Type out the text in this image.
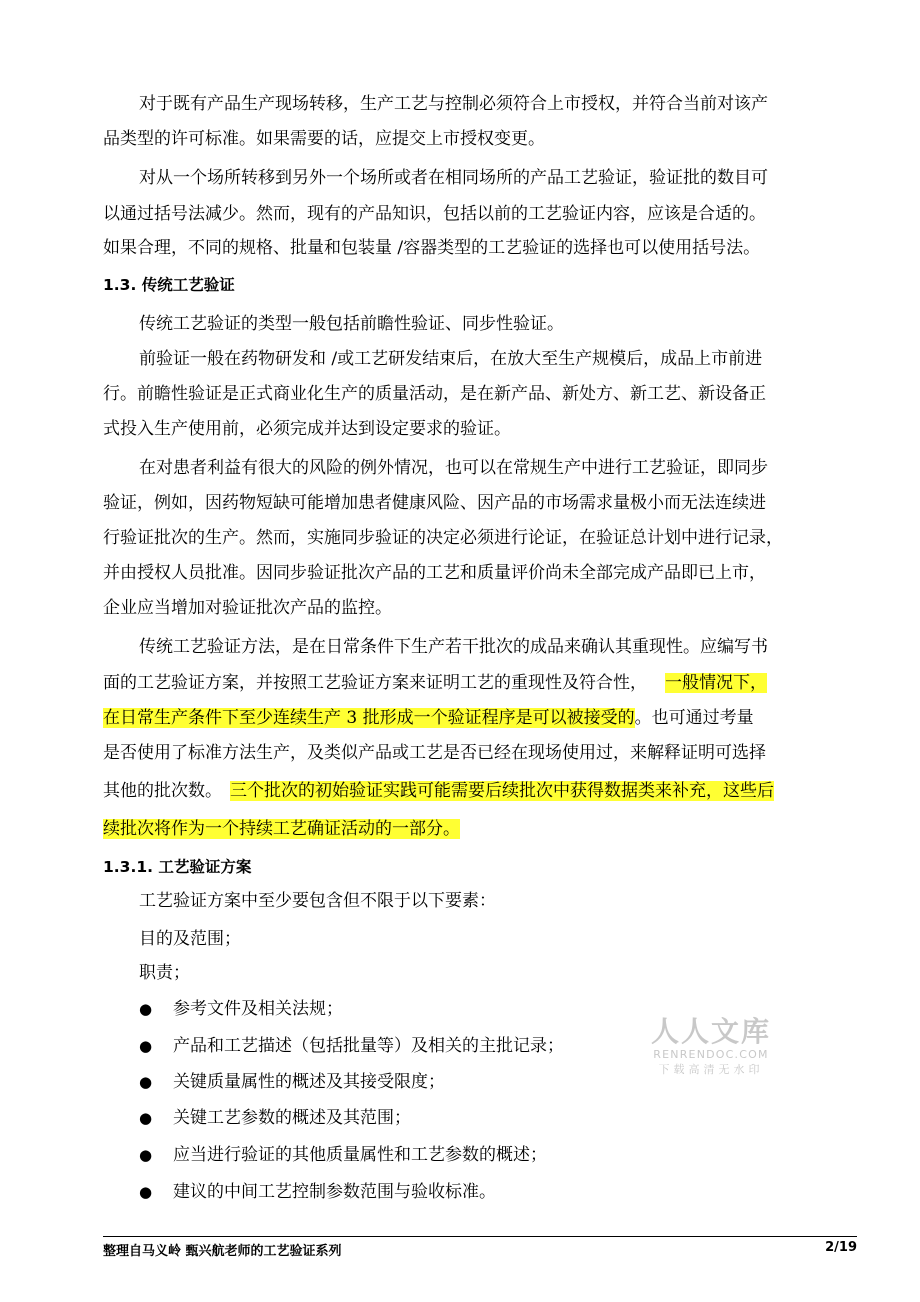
对于既有产品生产现场转移，生产工艺与控制必须符合上市授权，并符合当前对该产
品类型的许可标准。如果需要的话，应提交上市授权变更。
对从一个场所转移到另外一个场所或者在相同场所的产品工艺验证，验证批的数目可
以通过括号法减少。然而，现有的产品知识，包括以前的工艺验证内容，应该是合适的。
如果合理，不同的规格、批量和包装量 /容器类型的工艺验证的选择也可以使用括号法。
1.3. 传统工艺验证
传统工艺验证的类型一般包括前瞻性验证、同步性验证。
前验证一般在药物研发和 /或工艺研发结束后，在放大至生产规模后，成品上市前进
行。前瞻性验证是正式商业化生产的质量活动，是在新产品、新处方、新工艺、新设备正
式投入生产使用前，必须完成并达到设定要求的验证。
在对患者利益有很大的风险的例外情况，也可以在常规生产中进行工艺验证，即同步
验证，例如，因药物短缺可能增加患者健康风险、因产品的市场需求量极小而无法连续进
行验证批次的生产。然而，实施同步验证的决定必须进行论证，在验证总计划中进行记录，
并由授权人员批准。因同步验证批次产品的工艺和质量评价尚未全部完成产品即已上市，
企业应当增加对验证批次产品的监控。
传统工艺验证方法，是在日常条件下生产若干批次的成品来确认其重现性。应编写书
面的工艺验证方案，并按照工艺验证方案来证明工艺的重现性及符合性， 一般情况下，
在日常生产条件下至少连续生产 3 批形成一个验证程序是可以被接受的。也可通过考量
是否使用了标准方法生产，及类似产品或工艺是否已经在现场使用过，来解释证明可选择
其他的批次数。 三个批次的初始验证实践可能需要后续批次中获得数据类来补充，这些后
续批次将作为一个持续工艺确证活动的一部分。
1.3.1. 工艺验证方案
工艺验证方案中至少要包含但不限于以下要素：
目的及范围；
职责；
● 参考文件及相关法规；
● 产品和工艺描述（包括批量等）及相关的主批记录；
● 关键质量属性的概述及其接受限度；
● 关键工艺参数的概述及其范围；
● 应当进行验证的其他质量属性和工艺参数的概述；
● 建议的中间工艺控制参数范围与验收标准。
人人文库
RENRENDOC.COM
下载高清无水印
整理自马义岭 甄兴航老师的工艺验证系列	2/19
